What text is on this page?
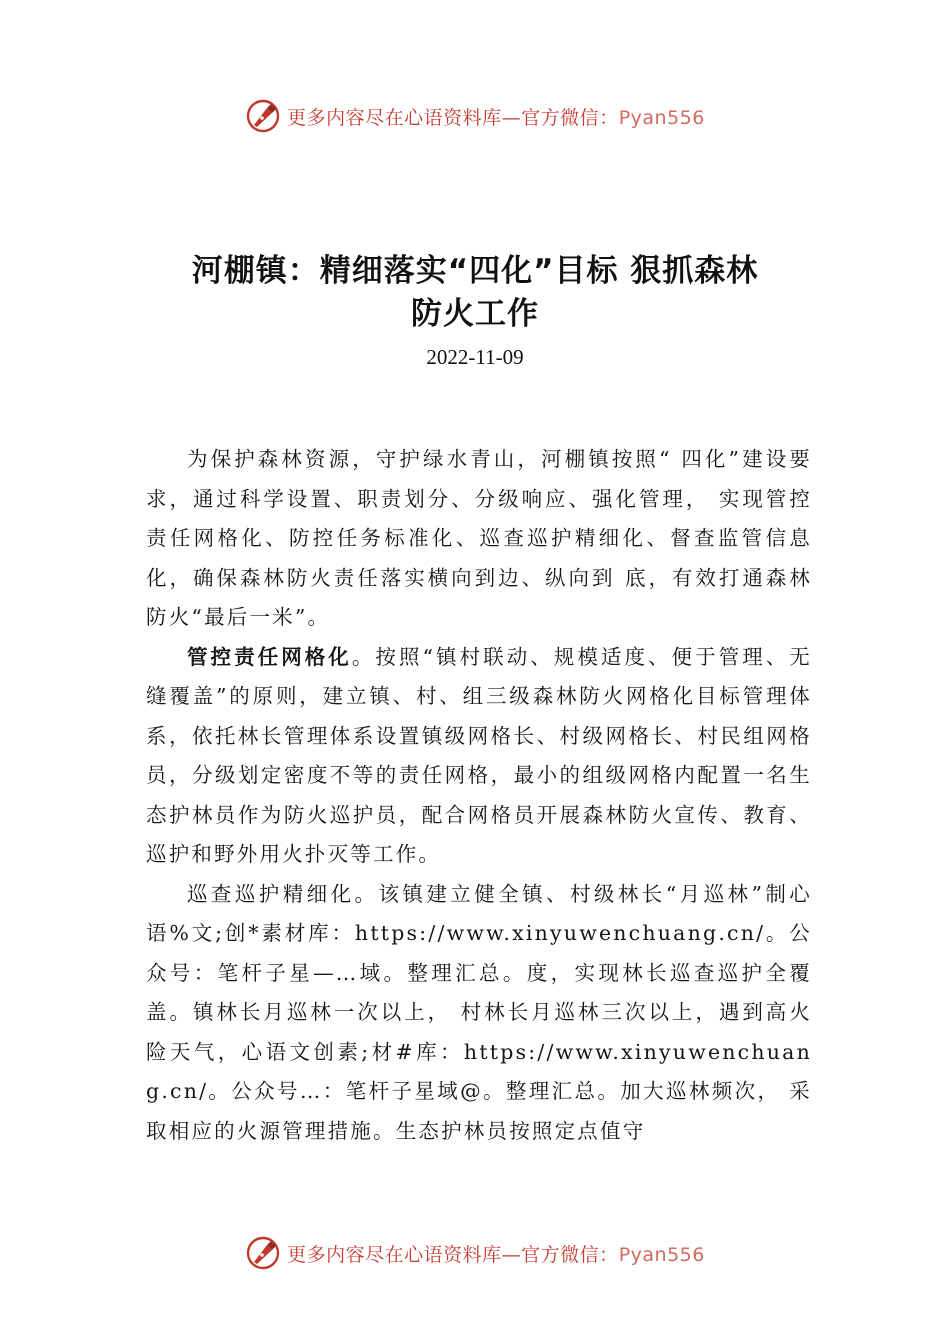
更多内容尽在心语资料库—官方微信：Pyan556
河棚镇：精细落实“四化”目标 狠抓森林
防火工作
2022-11-09

为保护森林资源，守护绿水青山，河棚镇按照“ 四化”建设要求，通过科学设置、职责划分、分级响应、强化管理， 实现管控责任网格化、防控任务标准化、巡查巡护精细化、督查监管信息化，确保森林防火责任落实横向到边、纵向到 底，有效打通森林防火“最后一米”。

管控责任网格化。按照“镇村联动、规模适度、便于管理、无缝覆盖”的原则，建立镇、村、组三级森林防火网格化目标管理体系，依托林长管理体系设置镇级网格长、村级网格长、村民组网格员，分级划定密度不等的责任网格，最小的组级网格内配置一名生态护林员作为防火巡护员，配合网格员开展森林防火宣传、教育、巡护和野外用火扑灭等工作。

巡查巡护精细化。该镇建立健全镇、村级林长“月巡林”制心语%文;创*素材库：https://www.xinyuwenchuang.cn/。公众号：笔杆子星—…域。整理汇总。度，实现林长巡查巡护全覆盖。镇林长月巡林一次以上， 村林长月巡林三次以上，遇到高火险天气，心语文创素;材#库：https://www.xinyuwenchuang.cn/。公众号…：笔杆子星域@。整理汇总。加大巡林频次， 采取相应的火源管理措施。生态护林员按照定点值守

更多内容尽在心语资料库—官方微信：Pyan556
